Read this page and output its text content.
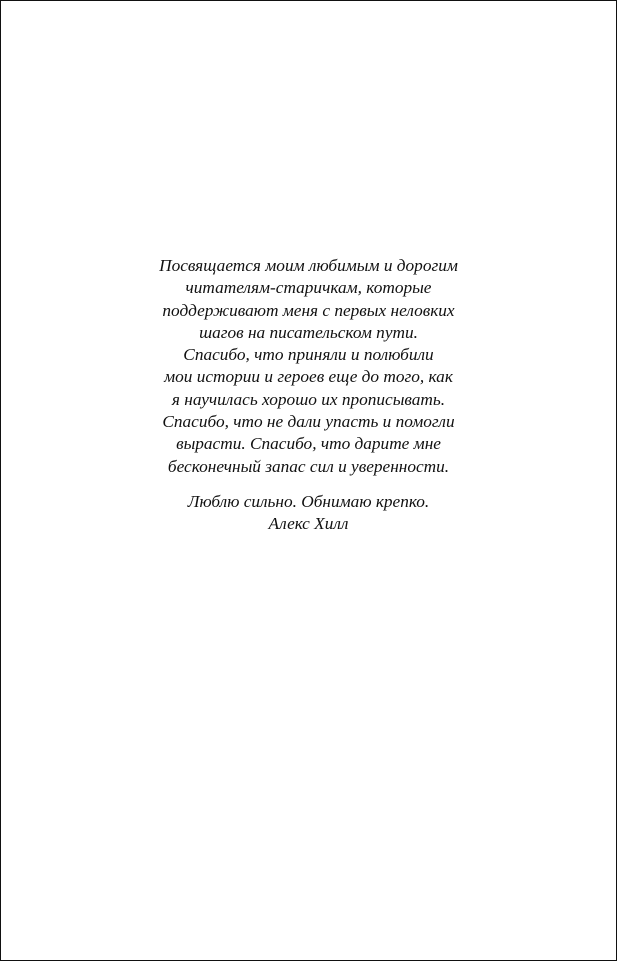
Посвящается моим любимым и дорогим
читателям-старичкам, которые
поддерживают меня с первых неловких
шагов на писательском пути.
Спасибо, что приняли и полюбили
мои истории и героев еще до того, как
я научилась хорошо их прописывать.
Спасибо, что не дали упасть и помогли
вырасти. Спасибо, что дарите мне
бесконечный запас сил и уверенности.
Люблю сильно. Обнимаю крепко.
Алекс Хилл
